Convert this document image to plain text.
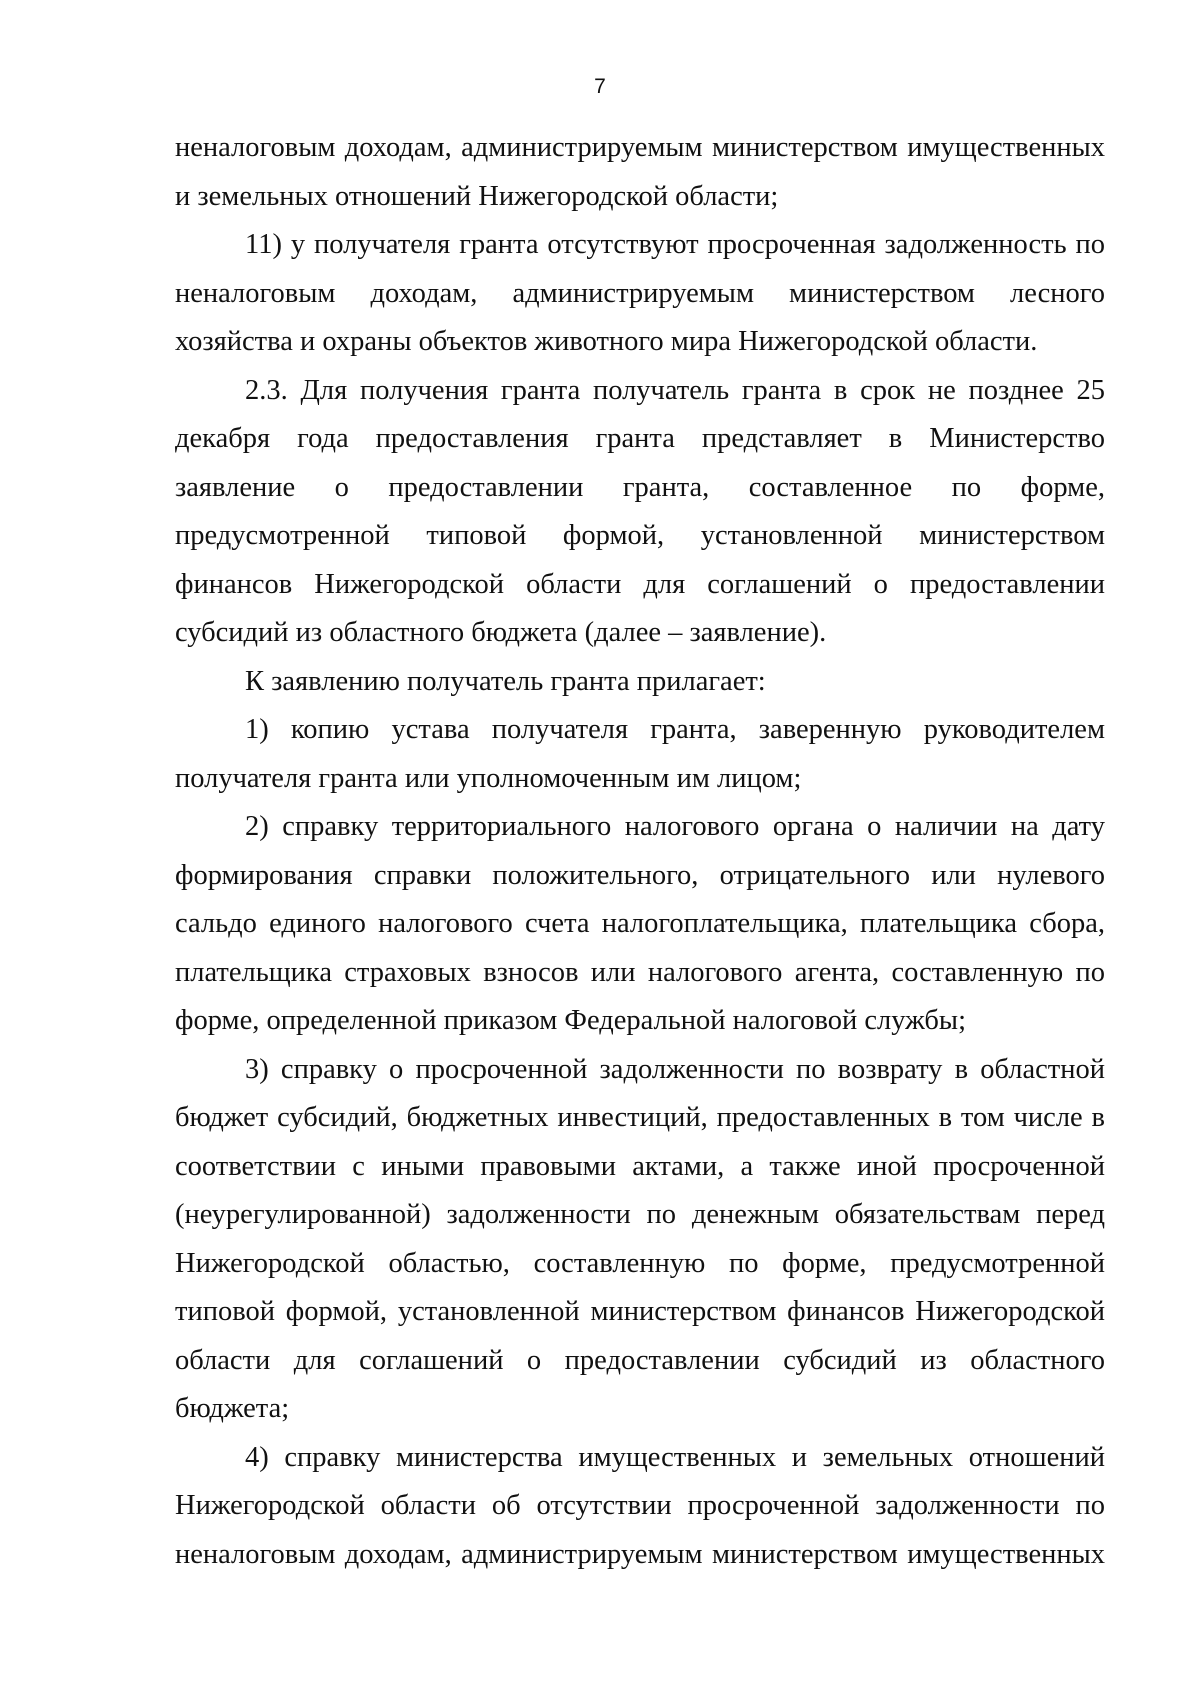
7

неналоговым доходам, администрируемым министерством имущественных и земельных отношений Нижегородской области;

11) у получателя гранта отсутствуют просроченная задолженность по неналоговым доходам, администрируемым министерством лесного хозяйства и охраны объектов животного мира Нижегородской области.

2.3. Для получения гранта получатель гранта в срок не позднее 25 декабря года предоставления гранта представляет в Министерство заявление о предоставлении гранта, составленное по форме, предусмотренной типовой формой, установленной министерством финансов Нижегородской области для соглашений о предоставлении субсидий из областного бюджета (далее – заявление).

К заявлению получатель гранта прилагает:

1) копию устава получателя гранта, заверенную руководителем получателя гранта или уполномоченным им лицом;

2) справку территориального налогового органа о наличии на дату формирования справки положительного, отрицательного или нулевого сальдо единого налогового счета налогоплательщика, плательщика сбора, плательщика страховых взносов или налогового агента, составленную по форме, определенной приказом Федеральной налоговой службы;

3) справку о просроченной задолженности по возврату в областной бюджет субсидий, бюджетных инвестиций, предоставленных в том числе в соответствии с иными правовыми актами, а также иной просроченной (неурегулированной) задолженности по денежным обязательствам перед Нижегородской областью, составленную по форме, предусмотренной типовой формой, установленной министерством финансов Нижегородской области для соглашений о предоставлении субсидий из областного бюджета;

4) справку министерства имущественных и земельных отношений Нижегородской области об отсутствии просроченной задолженности по неналоговым доходам, администрируемым министерством имущественных
